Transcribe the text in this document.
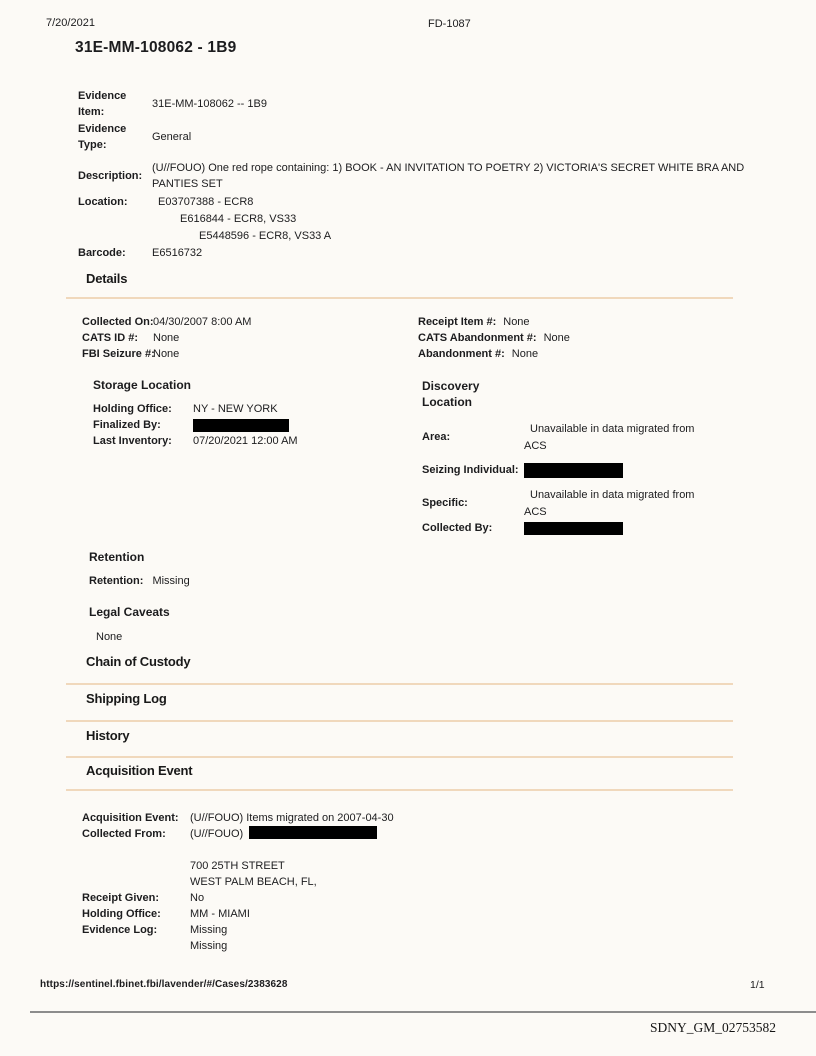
7/20/2021	FD-1087
31E-MM-108062 - 1B9
Evidence Item:
31E-MM-108062 -- 1B9
Evidence Type:
General
Description:
(U//FOUO) One red rope containing: 1) BOOK - AN INVITATION TO POETRY 2) VICTORIA'S SECRET WHITE BRA AND PANTIES SET
Location:	E03707388 - ECR8
E616844 - ECR8, VS33
E5448596 - ECR8, VS33 A
Barcode:	E6516732
Details
Collected On: 04/30/2007 8:00 AM
CATS ID #:	None
FBI Seizure #:
None
Receipt Item #: None
CATS Abandonment #: None
Abandonment #: None
Storage Location
Holding Office:	NY - NEW YORK
Finalized By:
Last Inventory:	07/20/2021 12:00 AM
Discovery Location
Area:
Unavailable in data migrated from ACS
Seizing Individual:
Specific:
Unavailable in data migrated from ACS
Collected By:
Retention
Retention: Missing
Legal Caveats
None
Chain of Custody
Shipping Log
History
Acquisition Event
Acquisition Event:	(U//FOUO) Items migrated on 2007-04-30
Collected From:	(U//FOUO)
700 25TH STREET
WEST PALM BEACH, FL,
Receipt Given:	No
Holding Office:	MM - MIAMI
Evidence Log:	Missing
Missing
https://sentinel.fbinet.fbi/lavender/#/Cases/2383628	1/1
SDNY_GM_02753582
